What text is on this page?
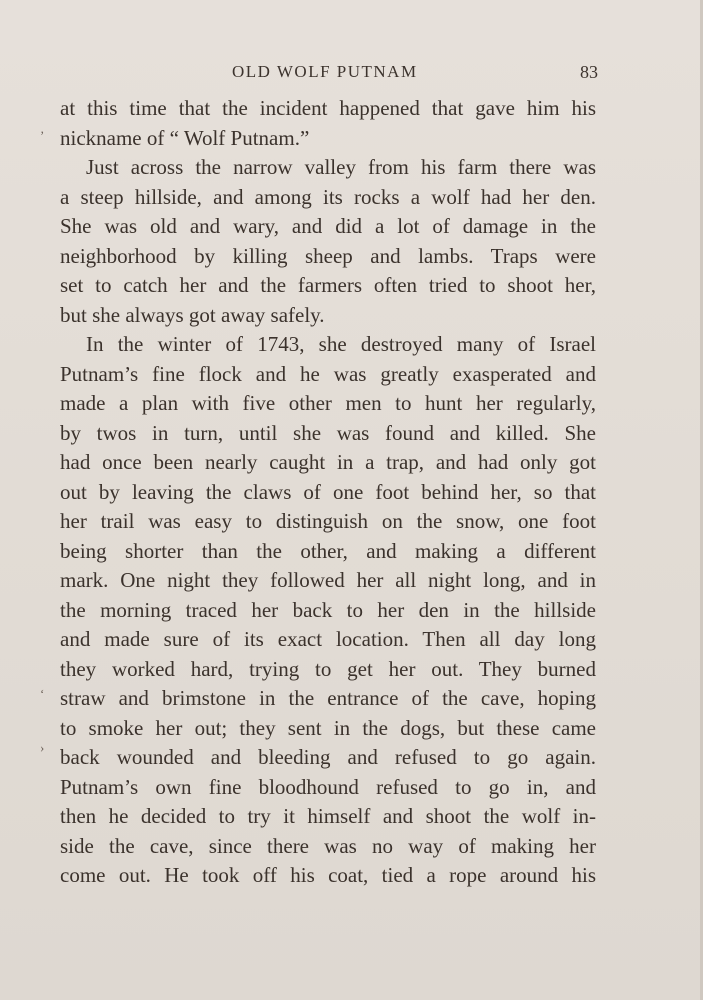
OLD WOLF PUTNAM	83
’
‘
›
at this time that the incident happened that gave him his
nickname of “ Wolf Putnam.”
Just across the narrow valley from his farm there was
a steep hillside, and among its rocks a wolf had her den.
She was old and wary, and did a lot of damage in the
neighborhood by killing sheep and lambs. Traps were
set to catch her and the farmers often tried to shoot her,
but she always got away safely.
In the winter of 1743, she destroyed many of Israel
Putnam’s fine flock and he was greatly exasperated and
made a plan with five other men to hunt her regularly,
by twos in turn, until she was found and killed. She
had once been nearly caught in a trap, and had only got
out by leaving the claws of one foot behind her, so that
her trail was easy to distinguish on the snow, one foot
being shorter than the other, and making a different
mark. One night they followed her all night long, and in
the morning traced her back to her den in the hillside
and made sure of its exact location. Then all day long
they worked hard, trying to get her out. They burned
straw and brimstone in the entrance of the cave, hoping
to smoke her out; they sent in the dogs, but these came
back wounded and bleeding and refused to go again.
Putnam’s own fine bloodhound refused to go in, and
then he decided to try it himself and shoot the wolf in-
side the cave, since there was no way of making her
come out. He took off his coat, tied a rope around his
